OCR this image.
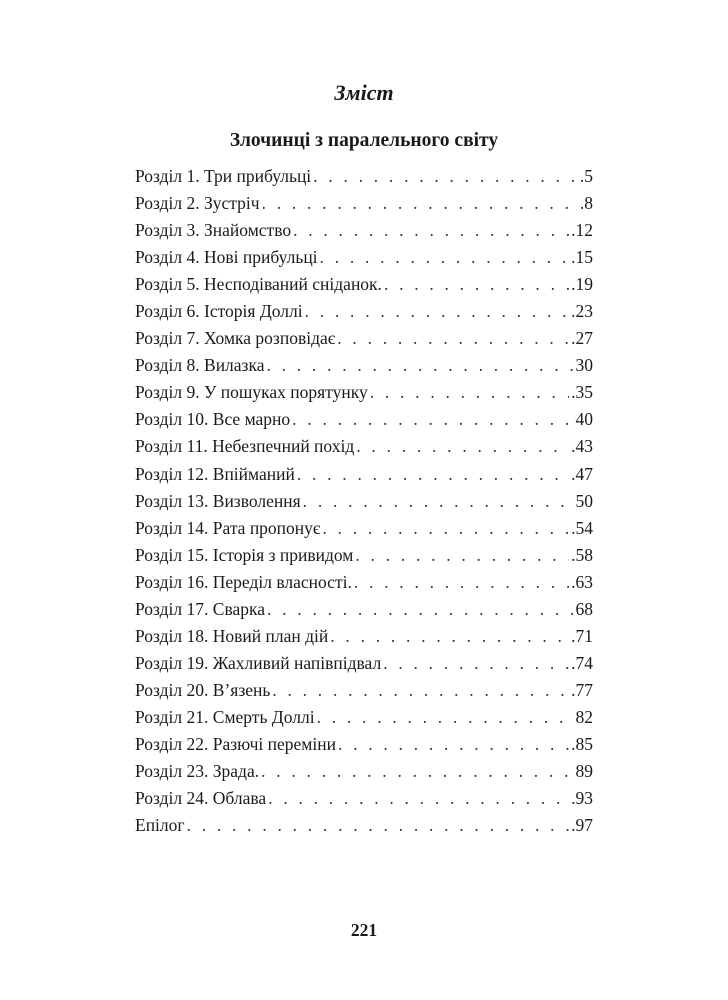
Зміст
Злочинці з паралельного світу
Розділ 1. Три прибульці . . .	.5
Розділ 2. Зустріч . . .	.8
Розділ 3. Знайомство . . .	.12
Розділ 4. Нові прибульці . . .	.15
Розділ 5. Несподіваний сніданок. . . .	.19
Розділ 6. Історія Доллі . . .	.23
Розділ 7. Хомка розповідає . . .	.27
Розділ 8. Вилазка . . .	30
Розділ 9. У пошуках порятунку . . .	.35
Розділ 10. Все марно . . .	40
Розділ 11. Небезпечний похід . . .	.43
Розділ 12. Впійманий . . .	.47
Розділ 13. Визволення . . .	50
Розділ 14. Рата пропонує . . .	.54
Розділ 15. Історія з привидом . . .	.58
Розділ 16. Переділ власності. . . .	.63
Розділ 17. Сварка . . .	68
Розділ 18. Новий план дій . . .	.71
Розділ 19. Жахливий напівпідвал . . .	.74
Розділ 20. В’язень . . .	.77
Розділ 21. Смерть Доллі . . .	82
Розділ 22. Разючі переміни . . .	.85
Розділ 23. Зрада. . . .	89
Розділ 24. Облава . . .	.93
Епілог . . .	.97
221
